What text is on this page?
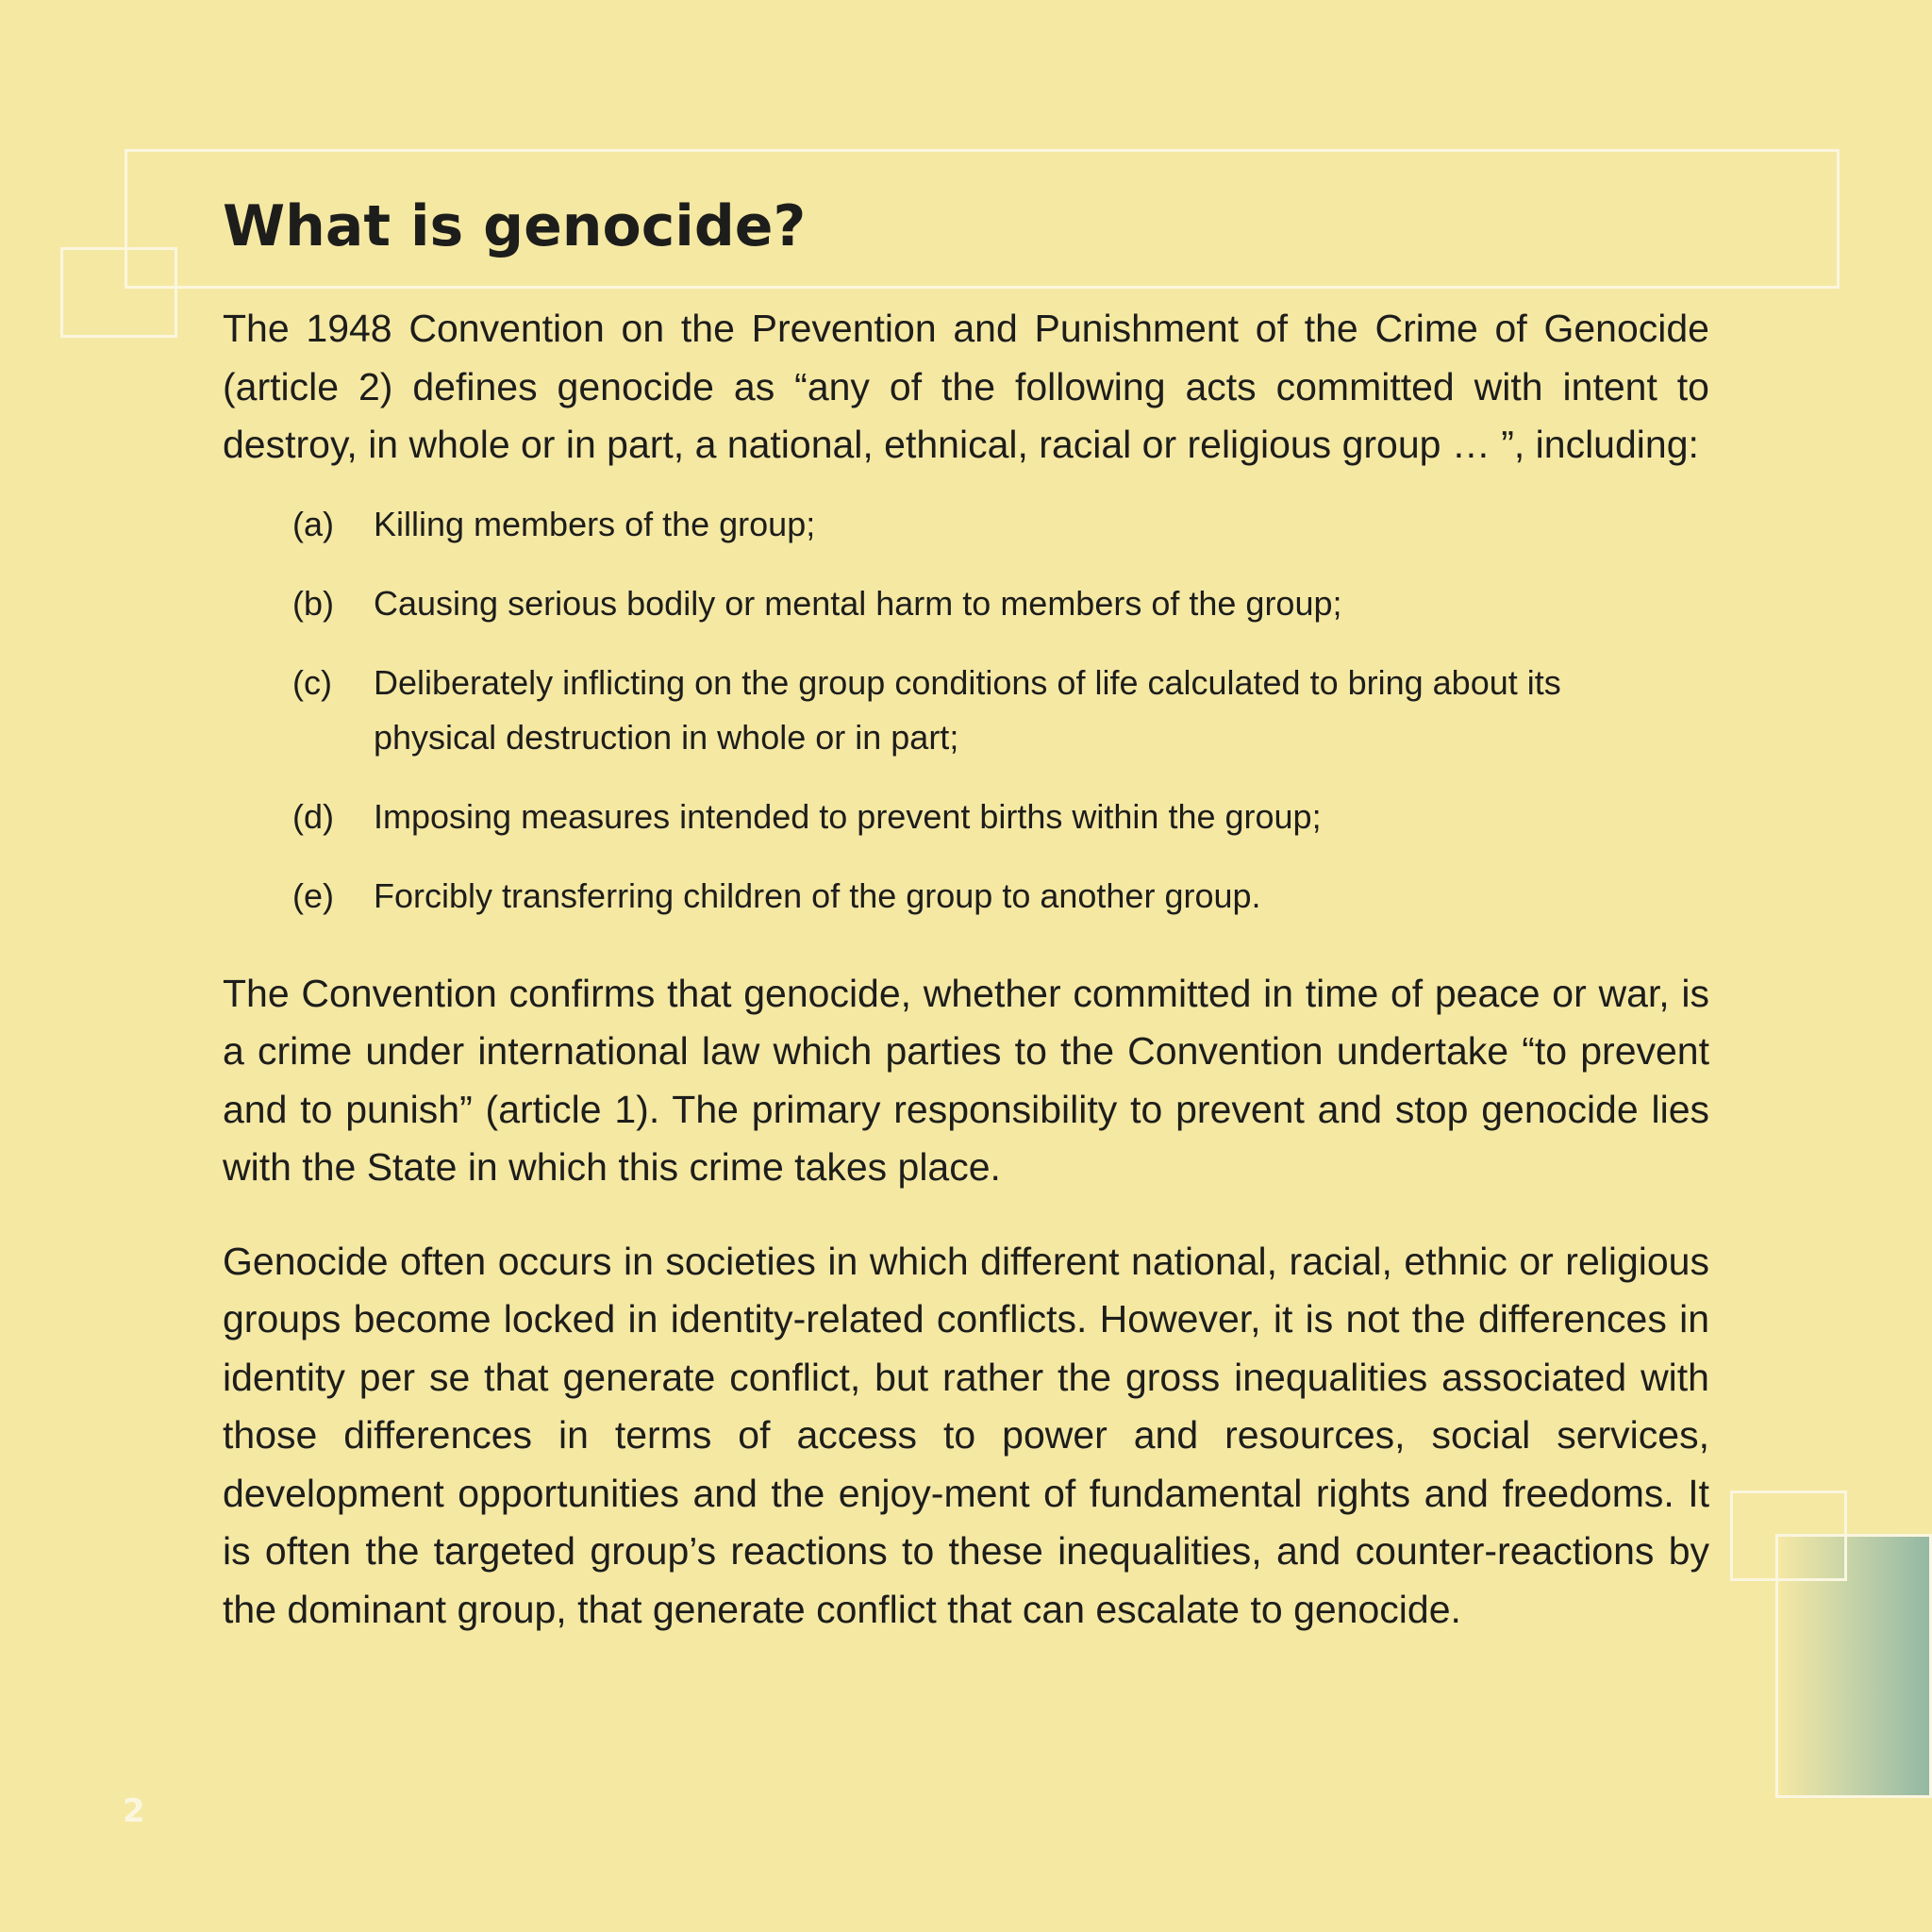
What is genocide?

The 1948 Convention on the Prevention and Punishment of the Crime of Genocide (article 2) defines genocide as “any of the following acts committed with intent to destroy, in whole or in part, a national, ethnical, racial or religious group … ”, including:

(a)	Killing members of the group;
(b)	Causing serious bodily or mental harm to members of the group;
(c)	Deliberately inflicting on the group conditions of life calculated to bring about its physical destruction in whole or in part;
(d)	Imposing measures intended to prevent births within the group;
(e)	Forcibly transferring children of the group to another group.

The Convention confirms that genocide, whether committed in time of peace or war, is a crime under international law which parties to the Convention undertake “to prevent and to punish” (article 1). The primary responsibility to prevent and stop genocide lies with the State in which this crime takes place.

Genocide often occurs in societies in which different national, racial, ethnic or religious groups become locked in identity-related conflicts. However, it is not the differences in identity per se that generate conflict, but rather the gross inequalities associated with those differences in terms of access to power and resources, social services, development opportunities and the enjoy-ment of fundamental rights and freedoms. It is often the targeted group’s reactions to these inequalities, and counter-reactions by the dominant group, that generate conflict that can escalate to genocide.

2
